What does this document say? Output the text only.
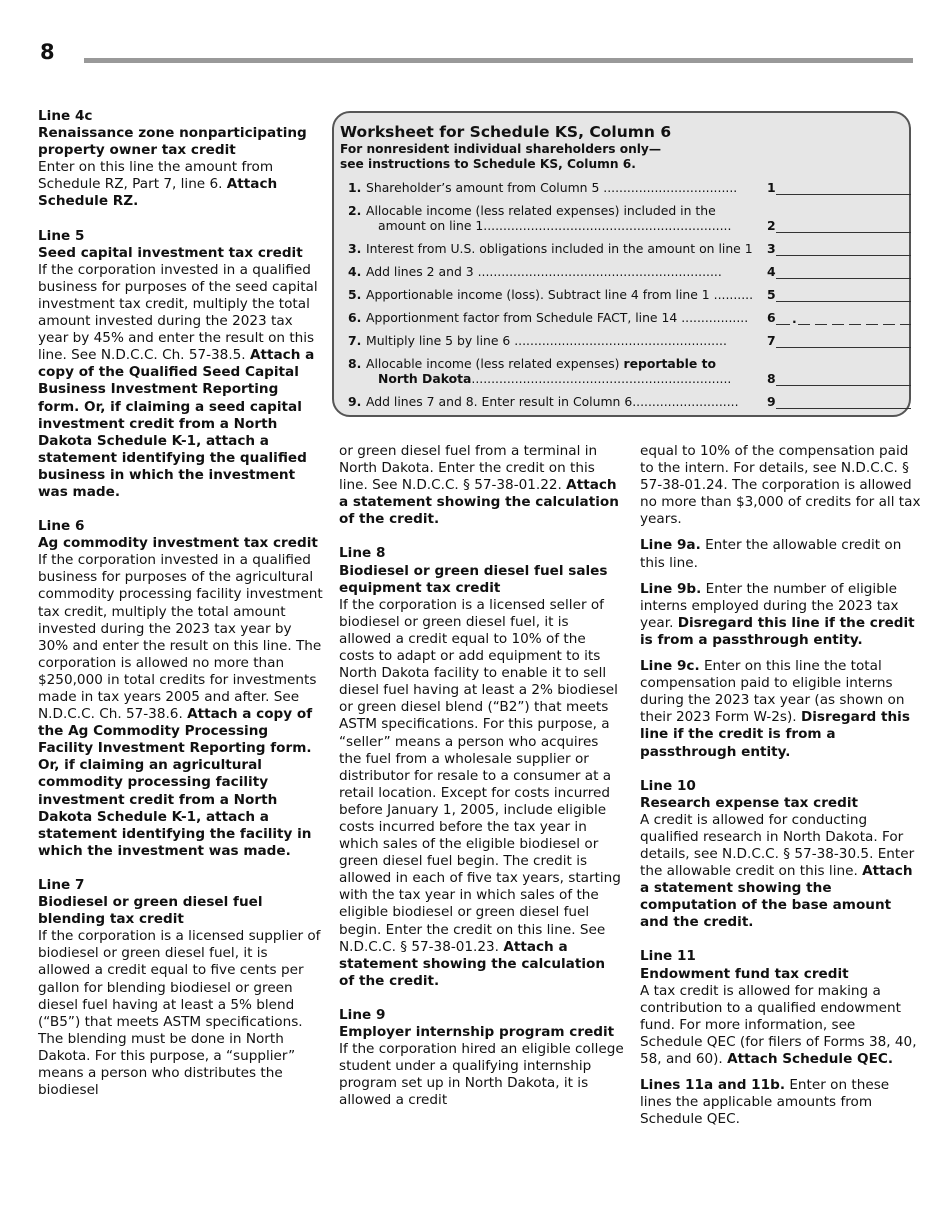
8

Line 4c

Renaissance zone nonparticipating property owner tax credit

Enter on this line the amount from Schedule RZ, Part 7, line 6. Attach Schedule RZ.

Line 5

Seed capital investment tax credit

If the corporation invested in a qualified business for purposes of the seed capital investment tax credit, multiply the total amount invested during the 2023 tax year by 45% and enter the result on this line. See N.D.C.C. Ch. 57-38.5. Attach a copy of the Qualified Seed Capital Business Investment Reporting form. Or, if claiming a seed capital investment credit from a North Dakota Schedule K-1, attach a statement identifying the qualified business in which the investment was made.

Line 6

Ag commodity investment tax credit

If the corporation invested in a qualified business for purposes of the agricultural commodity processing facility investment tax credit, multiply the total amount invested during the 2023 tax year by 30% and enter the result on this line. The corporation is allowed no more than $250,000 in total credits for investments made in tax years 2005 and after. See N.D.C.C. Ch. 57-38.6. Attach a copy of the Ag Commodity Processing Facility Investment Reporting form. Or, if claiming an agricultural commodity processing facility investment credit from a North Dakota Schedule K-1, attach a statement identifying the facility in which the investment was made.

Line 7

Biodiesel or green diesel fuel blending tax credit

If the corporation is a licensed supplier of biodiesel or green diesel fuel, it is allowed a credit equal to five cents per gallon for blending biodiesel or green diesel fuel having at least a 5% blend (“B5”) that meets ASTM specifications. The blending must be done in North Dakota. For this purpose, a “supplier” means a person who distributes the biodiesel

Worksheet for Schedule KS, Column 6

For nonresident individual shareholders only—

see instructions to Schedule KS, Column 6.

1. Shareholder’s amount from Column 5 ..................................	1
2. Allocable income (less related expenses) included in the
amount on line 1...............................................................	2
3. Interest from U.S. obligations included in the amount on line 1	3
4. Add lines 2 and 3 ..............................................................	4
5. Apportionable income (loss). Subtract line 4 from line 1 ..........	5
6. Apportionment factor from Schedule FACT, line 14 .................	6 .
7. Multiply line 5 by line 6 ......................................................	7
8. Allocable income (less related expenses) reportable to
North Dakota..................................................................	8
9. Add lines 7 and 8. Enter result in Column 6...........................	9

or green diesel fuel from a terminal in North Dakota. Enter the credit on this line. See N.D.C.C. § 57-38-01.22. Attach a statement showing the calculation of the credit.

Line 8

Biodiesel or green diesel fuel sales equipment tax credit

If the corporation is a licensed seller of biodiesel or green diesel fuel, it is allowed a credit equal to 10% of the costs to adapt or add equipment to its North Dakota facility to enable it to sell diesel fuel having at least a 2% biodiesel or green diesel blend (“B2”) that meets ASTM specifications. For this purpose, a “seller” means a person who acquires the fuel from a wholesale supplier or distributor for resale to a consumer at a retail location. Except for costs incurred before January 1, 2005, include eligible costs incurred before the tax year in which sales of the eligible biodiesel or green diesel fuel begin. The credit is allowed in each of five tax years, starting with the tax year in which sales of the eligible biodiesel or green diesel fuel begin. Enter the credit on this line. See N.D.C.C. § 57-38-01.23. Attach a statement showing the calculation of the credit.

Line 9

Employer internship program credit

If the corporation hired an eligible college student under a qualifying internship program set up in North Dakota, it is allowed a credit

equal to 10% of the compensation paid to the intern. For details, see N.D.C.C. § 57-38-01.24. The corporation is allowed no more than $3,000 of credits for all tax years.

Line 9a. Enter the allowable credit on this line.

Line 9b. Enter the number of eligible interns employed during the 2023 tax year. Disregard this line if the credit is from a passthrough entity.

Line 9c. Enter on this line the total compensation paid to eligible interns during the 2023 tax year (as shown on their 2023 Form W-2s). Disregard this line if the credit is from a passthrough entity.

Line 10

Research expense tax credit

A credit is allowed for conducting qualified research in North Dakota. For details, see N.D.C.C. § 57-38-30.5. Enter the allowable credit on this line. Attach a statement showing the computation of the base amount and the credit.

Line 11

Endowment fund tax credit

A tax credit is allowed for making a contribution to a qualified endowment fund. For more information, see Schedule QEC (for filers of Forms 38, 40, 58, and 60). Attach Schedule QEC.

Lines 11a and 11b. Enter on these lines the applicable amounts from Schedule QEC.
